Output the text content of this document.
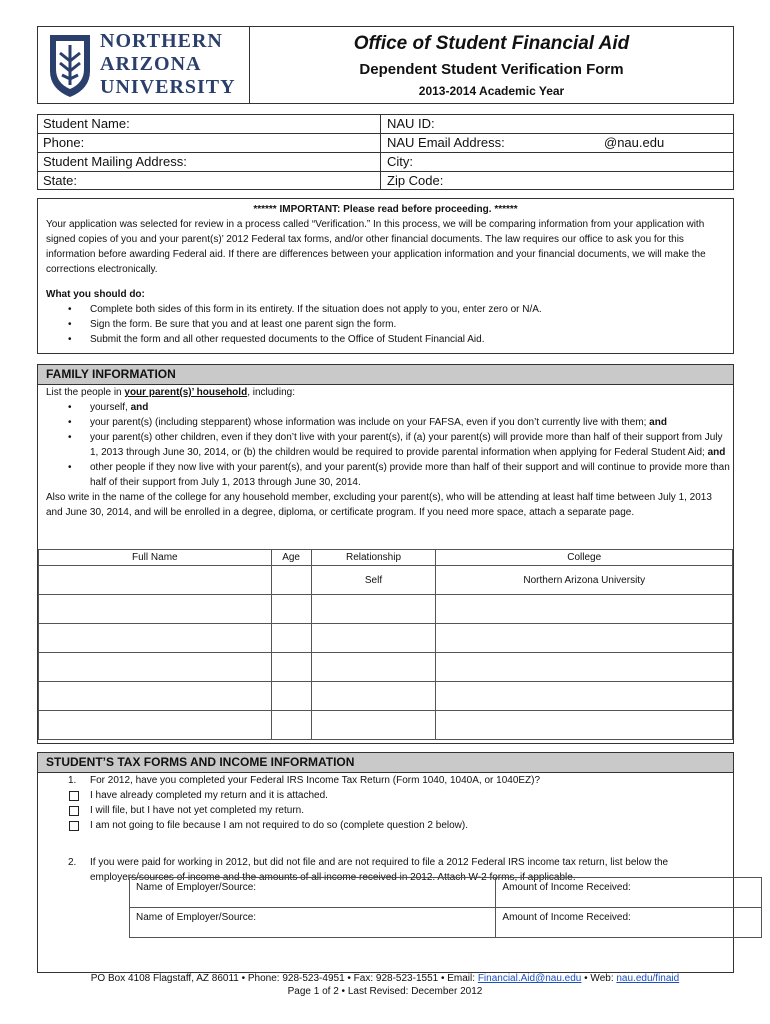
NORTHERN
ARIZONA
UNIVERSITY
Office of Student Financial Aid
Dependent Student Verification Form
2013-2014 Academic Year
Student Name:	NAU ID:
Phone:	NAU Email Address:	@nau.edu
Student Mailing Address:	City:
State:	Zip Code:
****** IMPORTANT: Please read before proceeding. ******
Your application was selected for review in a process called “Verification.” In this process, we will be comparing information from your application with signed copies of you and your parent(s)’ 2012 Federal tax forms, and/or other financial documents. The law requires our office to ask you for this information before awarding Federal aid. If there are differences between your application information and your financial documents, we will make the corrections electronically.
What you should do:
• Complete both sides of this form in its entirety. If the situation does not apply to you, enter zero or N/A.
• Sign the form. Be sure that you and at least one parent sign the form.
• Submit the form and all other requested documents to the Office of Student Financial Aid.
FAMILY INFORMATION
List the people in your parent(s)’ household, including:
• yourself, and
• your parent(s) (including stepparent) whose information was include on your FAFSA, even if you don’t currently live with them; and
• your parent(s) other children, even if they don’t live with your parent(s), if (a) your parent(s) will provide more than half of their support from July 1, 2013 through June 30, 2014, or (b) the children would be required to provide parental information when applying for Federal Student Aid; and
• other people if they now live with your parent(s), and your parent(s) provide more than half of their support and will continue to provide more than half of their support from July 1, 2013 through June 30, 2014.
Also write in the name of the college for any household member, excluding your parent(s), who will be attending at least half time between July 1, 2013 and June 30, 2014, and will be enrolled in a degree, diploma, or certificate program. If you need more space, attach a separate page.
Full Name	Age	Relationship	College
		Self	Northern Arizona University

STUDENT’S TAX FORMS AND INCOME INFORMATION
1. For 2012, have you completed your Federal IRS Income Tax Return (Form 1040, 1040A, or 1040EZ)?
I have already completed my return and it is attached.
I will file, but I have not yet completed my return.
I am not going to file because I am not required to do so (complete question 2 below).
2. If you were paid for working in 2012, but did not file and are not required to file a 2012 Federal IRS income tax return, list below the employers/sources of income and the amounts of all income received in 2012. Attach W-2 forms, if applicable.
Name of Employer/Source:	Amount of Income Received:
Name of Employer/Source:	Amount of Income Received:
PO Box 4108 Flagstaff, AZ 86011 • Phone: 928-523-4951 • Fax: 928-523-1551 • Email: Financial.Aid@nau.edu • Web: nau.edu/finaid
Page 1 of 2 • Last Revised: December 2012
